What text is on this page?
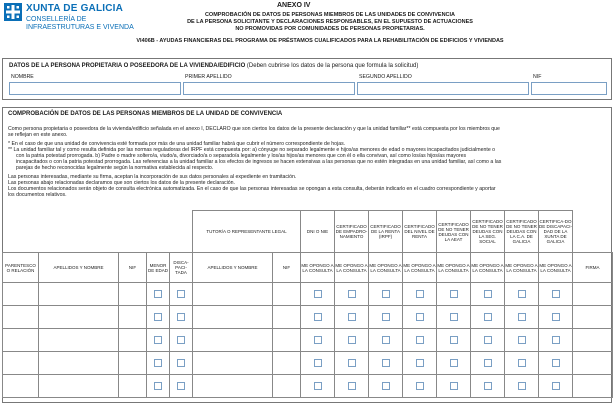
XUNTA DE GALICIA
CONSELLERÍA DE
INFRAESTRUTURAS E VIVENDA
ANEXO IV
COMPROBACIÓN DE DATOS DE PERSONAS MIEMBROS DE LAS UNIDADES DE CONVIVENCIA
DE LA PERSONA SOLICITANTE Y DECLARACIONES RESPONSABLES, EN EL SUPUESTO DE ACTUACIONES
NO PROMOVIDAS POR COMUNIDADES DE PERSONAS PROPIETARIAS.
VI406B - AYUDAS FINANCIERAS DEL PROGRAMA DE PRÉSTAMOS CUALIFICADOS PARA LA REHABILITACIÓN DE EDIFICIOS Y VIVIENDAS
DATOS DE LA PERSONA PROPIETARIA O POSEEDORA DE LA VIVIENDA/EDIFICIO (Deben cubrirse los datos de la persona que formula la solicitud)
NOMBRE	PRIMER APELLIDO	SEGUNDO APELLIDO	NIF
COMPROBACIÓN DE DATOS DE LAS PERSONAS MIEMBROS DE LA UNIDAD DE CONVIVENCIA
Como persona propietaria o poseedora de la vivienda/edificio señalada en el anexo I, DECLARO que son ciertos los datos de la presente declaración y que la unidad familiar** está compuesta por los miembros que
se reflejan en este anexo.
* En el caso de que una unidad de convivencia esté formada por más de una unidad familiar habrá que cubrir el número correspondiente de hojas.
** La unidad familiar tal y como resulta definida por las normas reguladoras del IRPF está compuesta por: a) cónyuge no separado legalmente e hijos/as menores de edad o mayores incapacitados judicialmente o
con la patria potestad prorrogada. b) Padre o madre soltero/a, viudo/a, divorciado/a o separado/a legalmente y los/as hijos/as menores que con él o ella convivan, así como los/as hijos/as mayores
incapacitados o con la patria potestad prorrogada. Las referencias a la unidad familiar a los efectos de ingresos se hacen extensivas a las personas que no estén integradas en una unidad familiar, así como a las
parejas de hecho reconocidas legalmente según la normativa establecida al respecto.
Las personas interesadas, mediante su firma, aceptan la incorporación de sus datos personales al expediente en tramitación.
Las personas abajo relacionadas declaramos que son ciertos los datos de la presente declaración.
Los documentos relacionados serán objeto de consulta electrónica automatizada. En el caso de que las personas interesadas se opongan a esta consulta, deberán indicarlo en el cuadro correspondiente y aportar
los documentos relativos.
					TUTOR/A O REPRESENTANTE LEGAL		DNI O NIE	CERTIFICADO DE EMPADRO-NAMIENTO	CERTIFICADO DE LA RENTA (IRPF)	CERTIFICADO DEL NIVEL DE RENTA	CERTIFICADO DE NO TENER DEUDAS CON LA AEAT	CERTIFICADO DE NO TENER DEUDAS CON LA SEG. SOCIAL	CERTIFICADO DE NO TENER DEUDAS CON LA C.A. DE GALICIA	CERTIFICA-DO DE DISCAPACI-DAD DE LA XUNTA DE GALICIA	
PARENTESCO O RELACIÓN	APELLIDOS Y NOMBRE	NIF	MENOR DE EDAD	DISCA-PACI-TADA	APELLIDOS Y NOMBRE	NIF	ME OPONGO A LA CONSULTA	ME OPONGO A LA CONSULTA	ME OPONGO A LA CONSULTA	ME OPONGO A LA CONSULTA	ME OPONGO A LA CONSULTA	ME OPONGO A LA CONSULTA	ME OPONGO A LA CONSULTA	ME OPONGO A LA CONSULTA	FIRMA
